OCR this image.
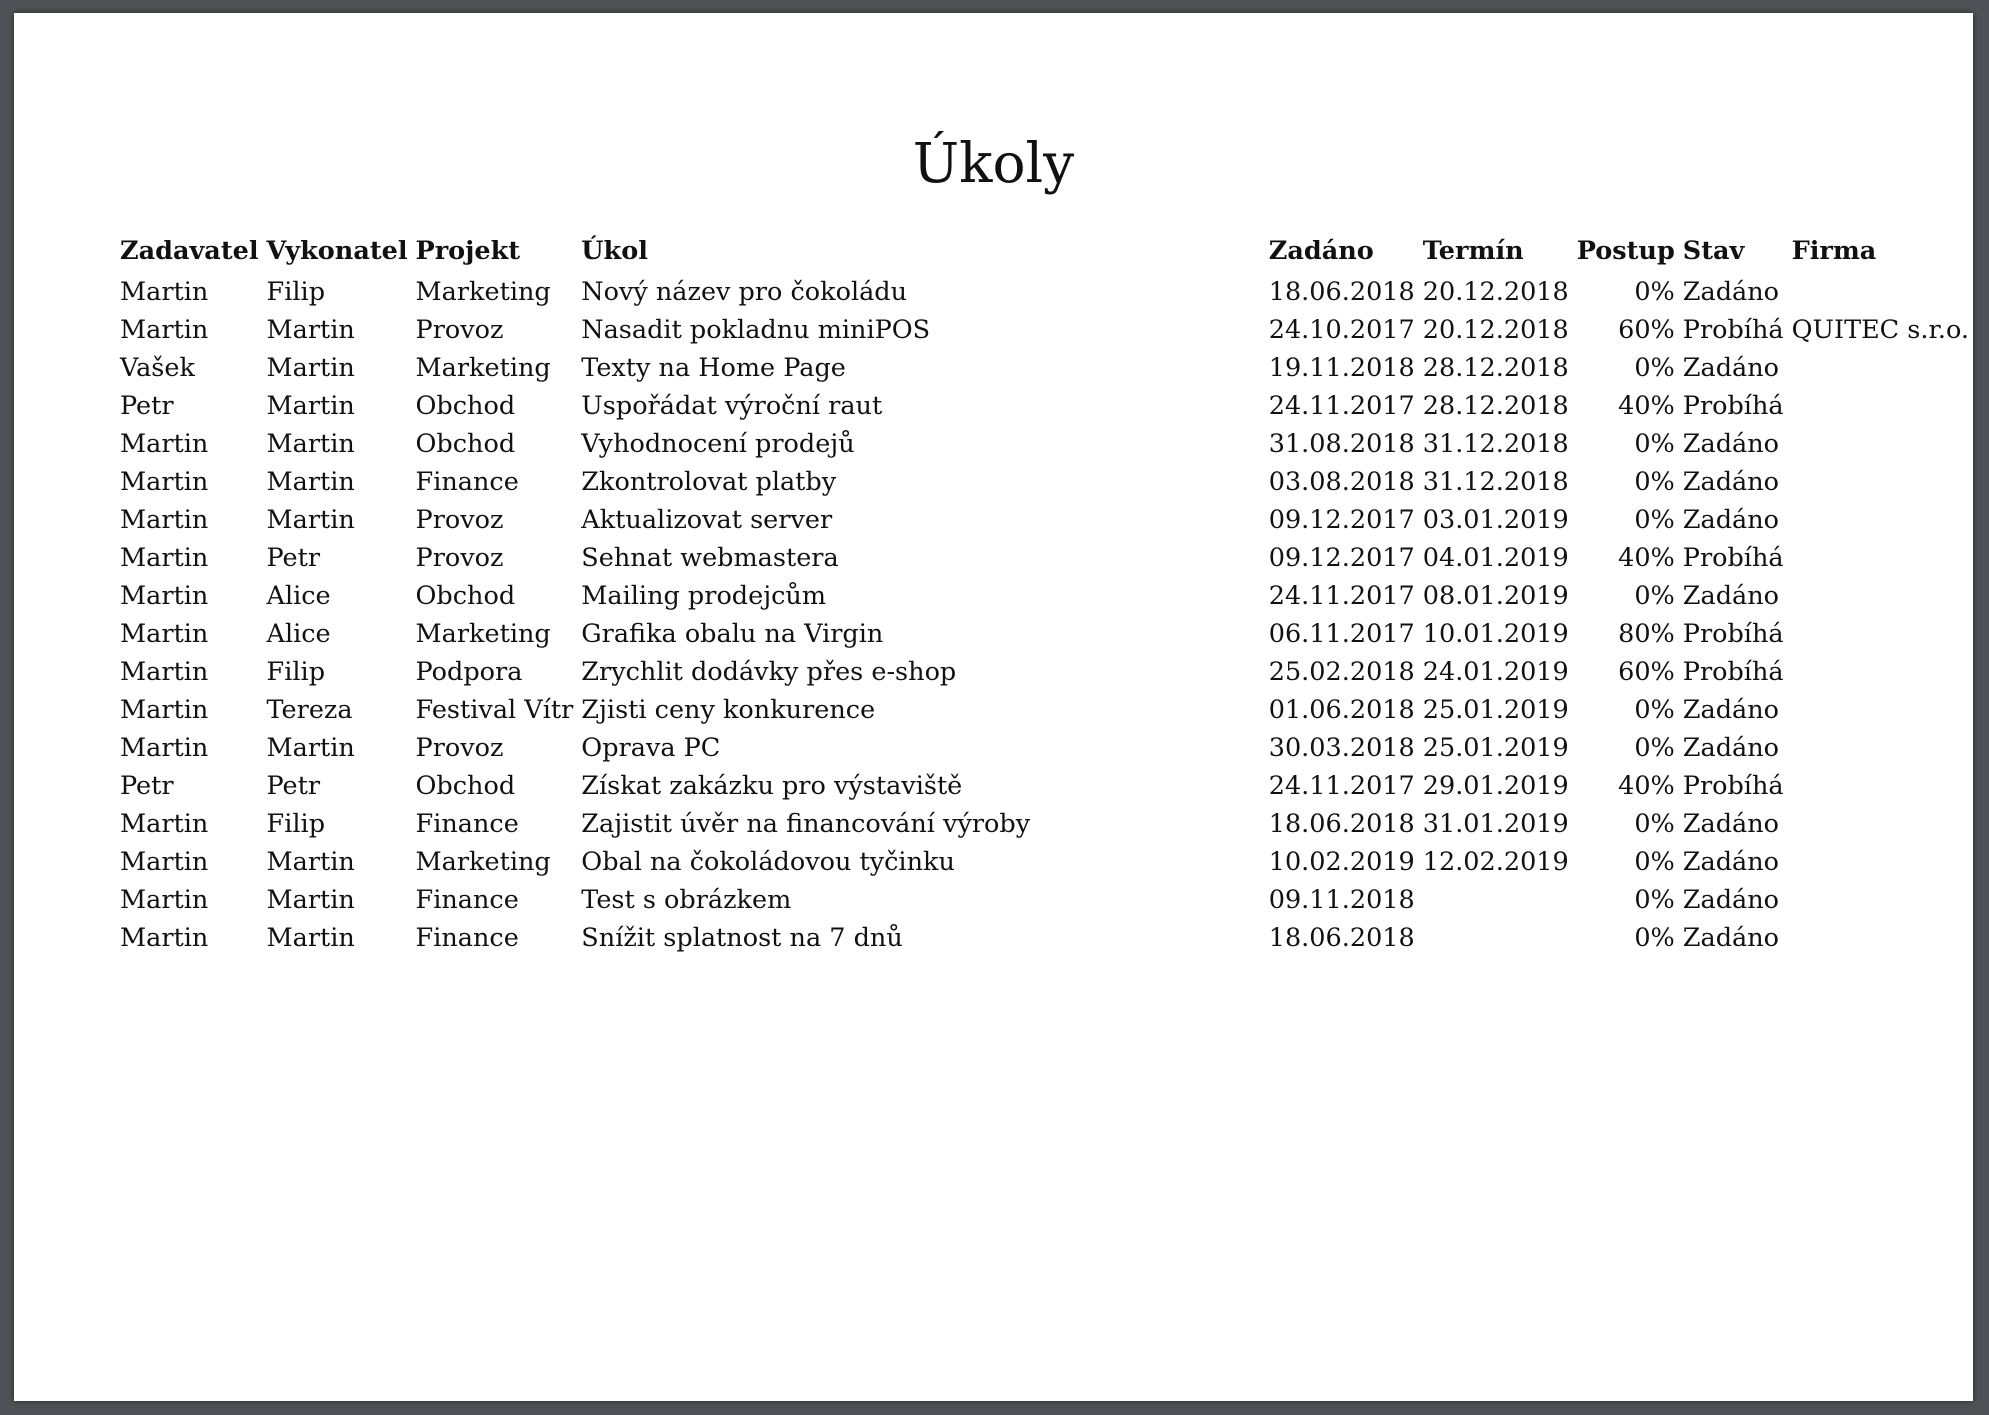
Úkoly
Zadavatel	Vykonatel	Projekt	Úkol	Zadáno	Termín	Postup	Stav	Firma
Martin	Filip	Marketing	Nový název pro čokoládu	18.06.2018	20.12.2018	0%	Zadáno	
Martin	Martin	Provoz	Nasadit pokladnu miniPOS	24.10.2017	20.12.2018	60%	Probíhá	QUITEC s.r.o.
Vašek	Martin	Marketing	Texty na Home Page	19.11.2018	28.12.2018	0%	Zadáno	
Petr	Martin	Obchod	Uspořádat výroční raut	24.11.2017	28.12.2018	40%	Probíhá	
Martin	Martin	Obchod	Vyhodnocení prodejů	31.08.2018	31.12.2018	0%	Zadáno	
Martin	Martin	Finance	Zkontrolovat platby	03.08.2018	31.12.2018	0%	Zadáno	
Martin	Martin	Provoz	Aktualizovat server	09.12.2017	03.01.2019	0%	Zadáno	
Martin	Petr	Provoz	Sehnat webmastera	09.12.2017	04.01.2019	40%	Probíhá	
Martin	Alice	Obchod	Mailing prodejcům	24.11.2017	08.01.2019	0%	Zadáno	
Martin	Alice	Marketing	Grafika obalu na Virgin	06.11.2017	10.01.2019	80%	Probíhá	
Martin	Filip	Podpora	Zrychlit dodávky přes e-shop	25.02.2018	24.01.2019	60%	Probíhá	
Martin	Tereza	Festival Vítr	Zjisti ceny konkurence	01.06.2018	25.01.2019	0%	Zadáno	
Martin	Martin	Provoz	Oprava PC	30.03.2018	25.01.2019	0%	Zadáno	
Petr	Petr	Obchod	Získat zakázku pro výstaviště	24.11.2017	29.01.2019	40%	Probíhá	
Martin	Filip	Finance	Zajistit úvěr na financování výroby	18.06.2018	31.01.2019	0%	Zadáno	
Martin	Martin	Marketing	Obal na čokoládovou tyčinku	10.02.2019	12.02.2019	0%	Zadáno	
Martin	Martin	Finance	Test s obrázkem	09.11.2018		0%	Zadáno	
Martin	Martin	Finance	Snížit splatnost na 7 dnů	18.06.2018		0%	Zadáno	
